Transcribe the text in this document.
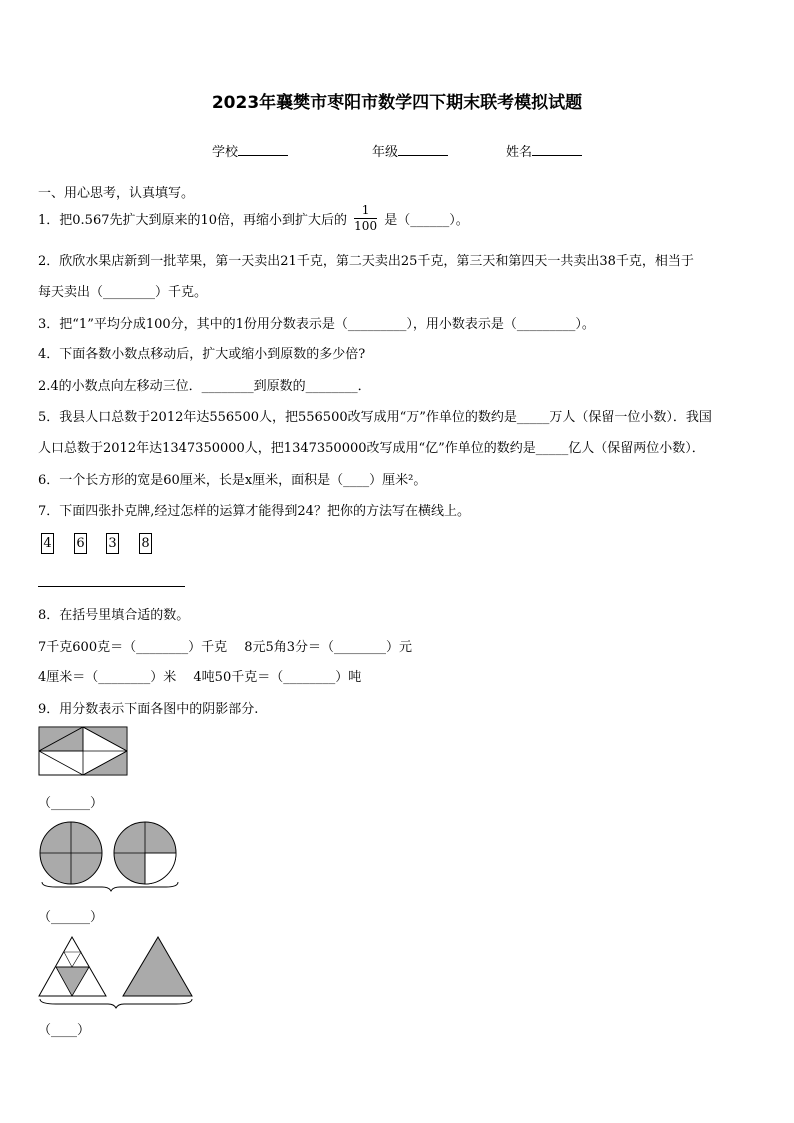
2023年襄樊市枣阳市数学四下期末联考模拟试题
学校	年级	姓名
一、用心思考，认真填写。
1．把0.567先扩大到原来的10倍，再缩小到扩大后的 $\frac{1}{100}$ 是（______）。
2．欣欣水果店新到一批苹果，第一天卖出21千克，第二天卖出25千克，第三天和第四天一共卖出38千克，相当于
每天卖出（________）千克。
3．把“1”平均分成100分，其中的1份用分数表示是（_________），用小数表示是（_________）。
4．下面各数小数点移动后，扩大或缩小到原数的多少倍?
2.4的小数点向左移动三位．________到原数的________．
5．我县人口总数于2012年达556500人，把556500改写成用“万”作单位的数约是_____万人（保留一位小数）．我国
人口总数于2012年达1347350000人，把1347350000改写成用“亿”作单位的数约是_____亿人（保留两位小数）．
6．一个长方形的宽是60厘米，长是x厘米，面积是（____）厘米²。
7．下面四张扑克牌,经过怎样的运算才能得到24？把你的方法写在横线上。
4 6 3 8
8．在括号里填合适的数。
7千克600克＝（________）千克　 8元5角3分＝（________）元
4厘米＝（________）米　 4吨50千克＝（________）吨
9．用分数表示下面各图中的阴影部分.
（______）
（______）
（____）
